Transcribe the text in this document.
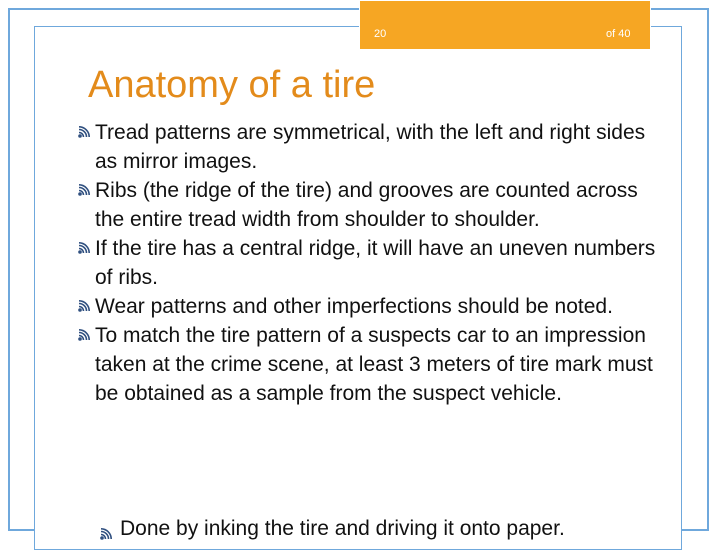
20	of 40
Anatomy of a tire
Tread patterns are symmetrical, with the left and right sides as mirror images.
Ribs (the ridge of the tire) and grooves are counted across the entire tread width from shoulder to shoulder.
If the tire has a central ridge, it will have an uneven numbers of ribs.
Wear patterns and other imperfections should be noted.
To match the tire pattern of a suspects car to an impression taken at the crime scene, at least 3 meters of tire mark must be obtained as a sample from the suspect vehicle.
Done by inking the tire and driving it onto paper.
